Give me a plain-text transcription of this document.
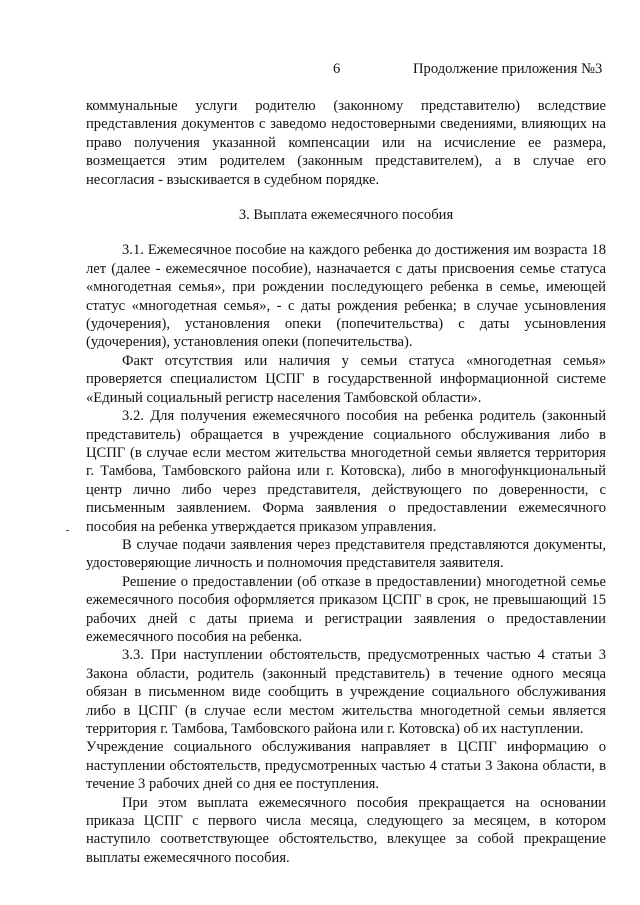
6	Продолжение приложения №3

коммунальные услуги родителю (законному представителю) вследствие представления документов с заведомо недостоверными сведениями, влияющих на право получения указанной компенсации или на исчисление ее размера, возмещается этим родителем (законным представителем), а в случае его несогласия - взыскивается в судебном порядке.

3. Выплата ежемесячного пособия

3.1. Ежемесячное пособие на каждого ребенка до достижения им возраста 18 лет (далее - ежемесячное пособие), назначается с даты присвоения семье статуса «многодетная семья», при рождении последующего ребенка в семье, имеющей статус «многодетная семья», - с даты рождения ребенка; в случае усыновления (удочерения), установления опеки (попечительства) с даты усыновления (удочерения), установления опеки (попечительства).

Факт отсутствия или наличия у семьи статуса «многодетная семья» проверяется специалистом ЦСПГ в государственной информационной системе «Единый социальный регистр населения Тамбовской области».

3.2. Для получения ежемесячного пособия на ребенка родитель (законный представитель) обращается в учреждение социального обслуживания либо в ЦСПГ (в случае если местом жительства многодетной семьи является территория г. Тамбова, Тамбовского района или г. Котовска), либо в многофункциональный центр лично либо через представителя, действующего по доверенности, с письменным заявлением. Форма заявления о предоставлении ежемесячного пособия на ребенка утверждается приказом управления.

В случае подачи заявления через представителя представляются документы, удостоверяющие личность и полномочия представителя заявителя.

Решение о предоставлении (об отказе в предоставлении) многодетной семье ежемесячного пособия оформляется приказом ЦСПГ в срок, не превышающий 15 рабочих дней с даты приема и регистрации заявления о предоставлении ежемесячного пособия на ребенка.

3.3. При наступлении обстоятельств, предусмотренных частью 4 статьи 3 Закона области, родитель (законный представитель) в течение одного месяца обязан в письменном виде сообщить в учреждение социального обслуживания либо в ЦСПГ (в случае если местом жительства многодетной семьи является территория г. Тамбова, Тамбовского района или г. Котовска) об их наступлении.

Учреждение социального обслуживания направляет в ЦСПГ информацию о наступлении обстоятельств, предусмотренных частью 4 статьи 3 Закона области, в течение 3 рабочих дней со дня ее поступления.

При этом выплата ежемесячного пособия прекращается на основании приказа ЦСПГ с первого числа месяца, следующего за месяцем, в котором наступило соответствующее обстоятельство, влекущее за собой прекращение выплаты ежемесячного пособия.
